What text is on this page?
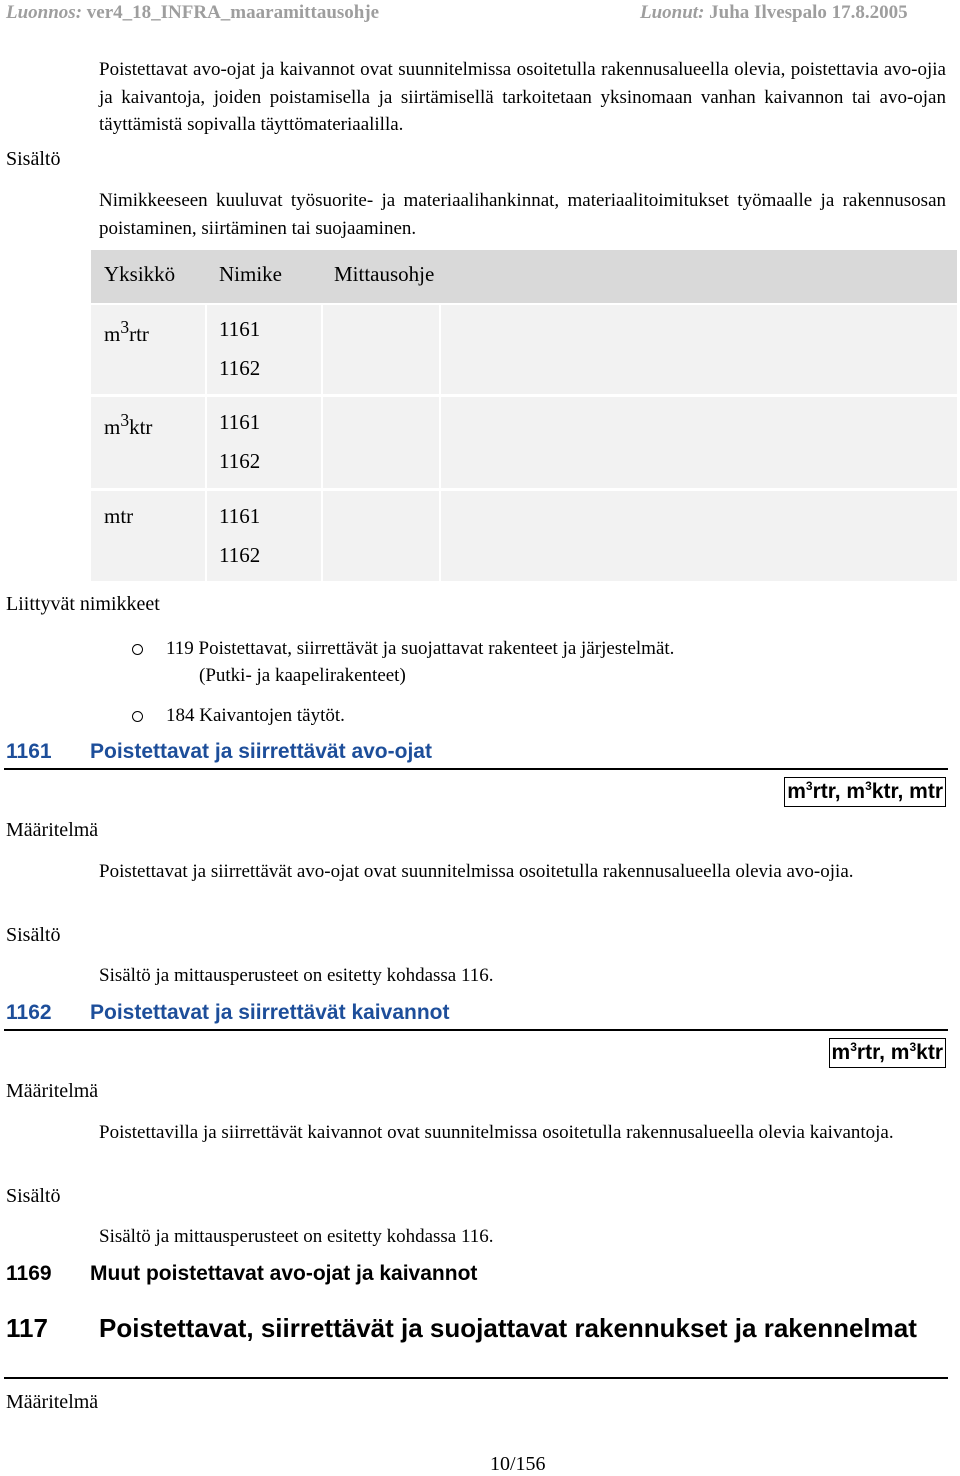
Luonnos: ver4_18_INFRA_maaramittausohje	Luonut: Juha Ilvespalo 17.8.2005
Sisältö
Poistettavat avo-ojat ja kaivannot ovat suunnitelmissa osoitetulla rakennusalueella olevia, poistettavia avo-ojia ja kaivantoja, joiden poistamisella ja siirtämisellä tarkoitetaan yksinomaan vanhan kaivannon tai avo-ojan täyttämistä sopivalla täyttömateriaalilla.
Nimikkeeseen kuuluvat työsuorite- ja materiaalihankinnat, materiaalitoimitukset työmaalle ja rakennusosan poistaminen, siirtäminen tai suojaaminen.
Yksikkö Nimike Mittausohje
$m^3rtr$	1161
1162
$m^3ktr$	1161
1162
mtr	1161
1162
Liittyvät nimikkeet
119 Poistettavat, siirrettävät ja suojattavat rakenteet ja järjestelmät.
(Putki- ja kaapelirakenteet)
184 Kaivantojen täytöt.
1161 Poistettavat ja siirrettävät avo-ojat
$m^3rtr$, $m^3ktr$, mtr
Määritelmä
Poistettavat ja siirrettävät avo-ojat ovat suunnitelmissa osoitetulla rakennusalueella olevia avo-ojia.
Sisältö
Sisältö ja mittausperusteet on esitetty kohdassa 116.
1162 Poistettavat ja siirrettävät kaivannot
$m^3rtr$, $m^3ktr$
Määritelmä
Poistettavilla ja siirrettävät kaivannot ovat suunnitelmissa osoitetulla rakennusalueella olevia kaivantoja.
Sisältö
Sisältö ja mittausperusteet on esitetty kohdassa 116.
1169 Muut poistettavat avo-ojat ja kaivannot
117 Poistettavat, siirrettävät ja suojattavat rakennukset ja rakennelmat
Määritelmä
10/156
